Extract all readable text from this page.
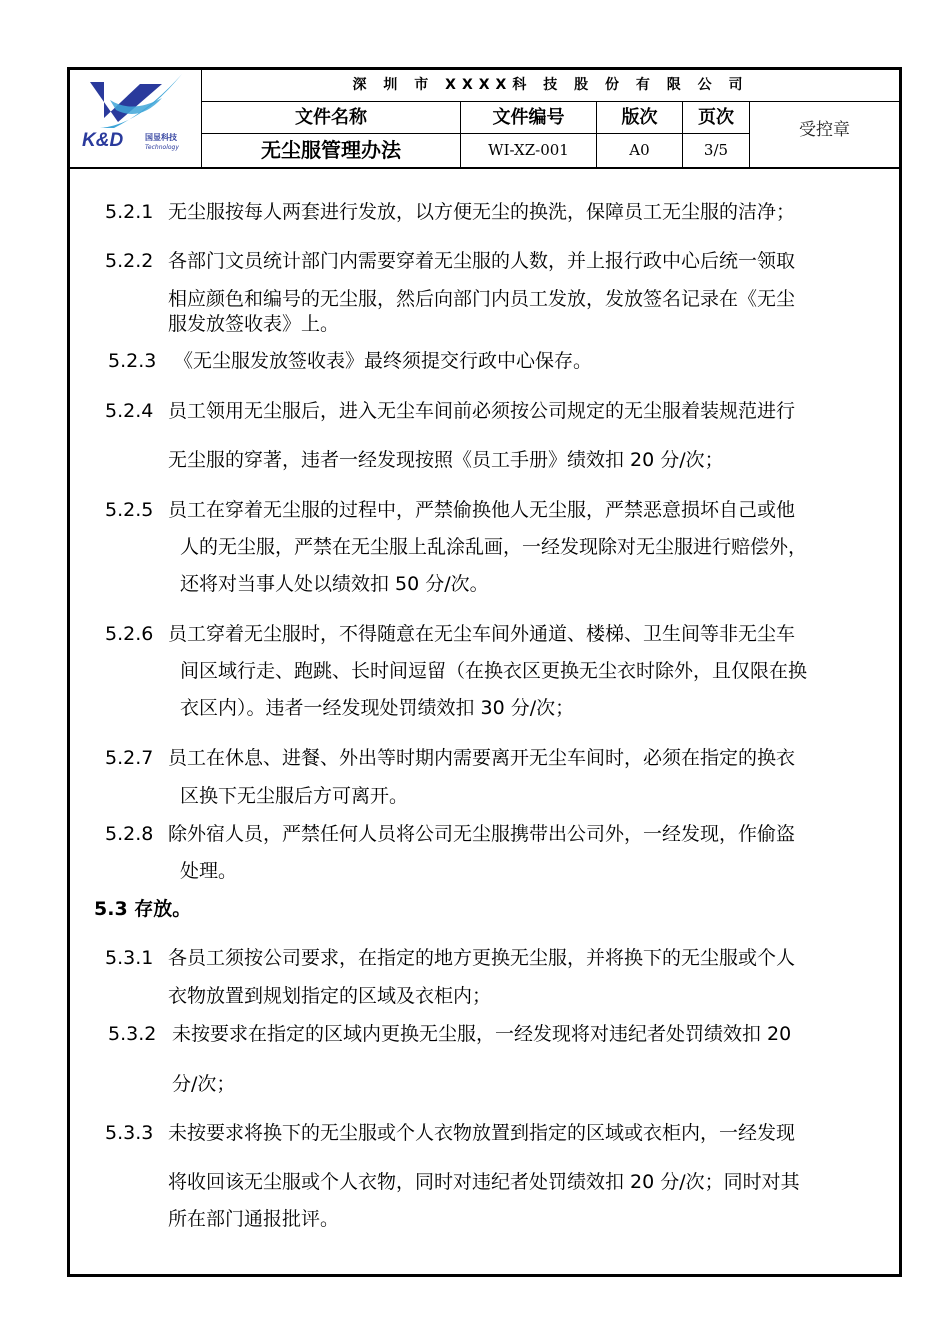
K&D	国显科技
Technology
深 圳 市 XXXX科 技 股 份 有 限 公 司
文件名称	文件编号	版次	页次
无尘服管理办法	WI-XZ-001	A0	3/5
受控章
5.2.1 无尘服按每人两套进行发放，以方便无尘的换洗，保障员工无尘服的洁净；
5.2.2 各部门文员统计部门内需要穿着无尘服的人数，并上报行政中心后统一领取
相应颜色和编号的无尘服，然后向部门内员工发放，发放签名记录在《无尘
服发放签收表》上。
5.2.3 《无尘服发放签收表》最终须提交行政中心保存。
5.2.4 员工领用无尘服后，进入无尘车间前必须按公司规定的无尘服着装规范进行
无尘服的穿著，违者一经发现按照《员工手册》绩效扣 20 分/次；
5.2.5 员工在穿着无尘服的过程中，严禁偷换他人无尘服，严禁恶意损坏自己或他
人的无尘服，严禁在无尘服上乱涂乱画，一经发现除对无尘服进行赔偿外，
还将对当事人处以绩效扣 50 分/次。
5.2.6 员工穿着无尘服时，不得随意在无尘车间外通道、楼梯、卫生间等非无尘车
间区域行走、跑跳、长时间逗留（在换衣区更换无尘衣时除外，且仅限在换
衣区内）。违者一经发现处罚绩效扣 30 分/次；
5.2.7 员工在休息、进餐、外出等时期内需要离开无尘车间时，必须在指定的换衣
区换下无尘服后方可离开。
5.2.8 除外宿人员，严禁任何人员将公司无尘服携带出公司外，一经发现，作偷盗
处理。
5.3 存放。
5.3.1 各员工须按公司要求，在指定的地方更换无尘服，并将换下的无尘服或个人
衣物放置到规划指定的区域及衣柜内；
5.3.2 未按要求在指定的区域内更换无尘服，一经发现将对违纪者处罚绩效扣 20
分/次；
5.3.3 未按要求将换下的无尘服或个人衣物放置到指定的区域或衣柜内，一经发现
将收回该无尘服或个人衣物，同时对违纪者处罚绩效扣 20 分/次；同时对其
所在部门通报批评。
